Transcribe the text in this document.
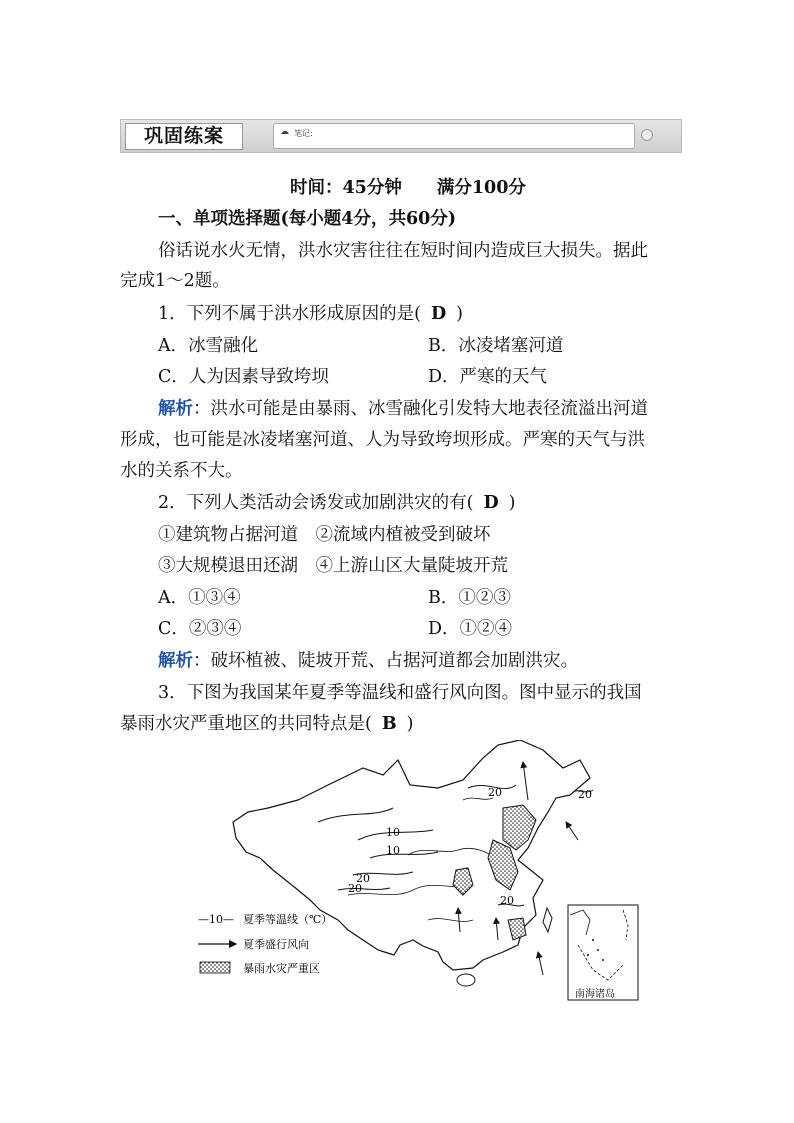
巩固练案	☁ 笔记:
时间：45分钟　　满分100分
一、单项选择题(每小题4分，共60分)
俗话说水火无情，洪水灾害往往在短时间内造成巨大损失。据此
完成1～2题。
1．下列不属于洪水形成原因的是( D )
A．冰雪融化	B．冰凌堵塞河道
C．人为因素导致垮坝	D．严寒的天气
解析：洪水可能是由暴雨、冰雪融化引发特大地表径流溢出河道
形成，也可能是冰凌堵塞河道、人为导致垮坝形成。严寒的天气与洪
水的关系不大。
2．下列人类活动会诱发或加剧洪灾的有( D )
①建筑物占据河道　②流域内植被受到破坏
③大规模退田还湖　④上游山区大量陡坡开荒
A．①③④	B．①②③
C．②③④	D．①②④
解析：破坏植被、陡坡开荒、占据河道都会加剧洪灾。
3．下图为我国某年夏季等温线和盛行风向图。图中显示的我国
暴雨水灾严重地区的共同特点是( B )
20	20
10
10
20
20
20
—10— 夏季等温线（℃）
夏季盛行风向
暴雨水灾严重区
南海诸岛
